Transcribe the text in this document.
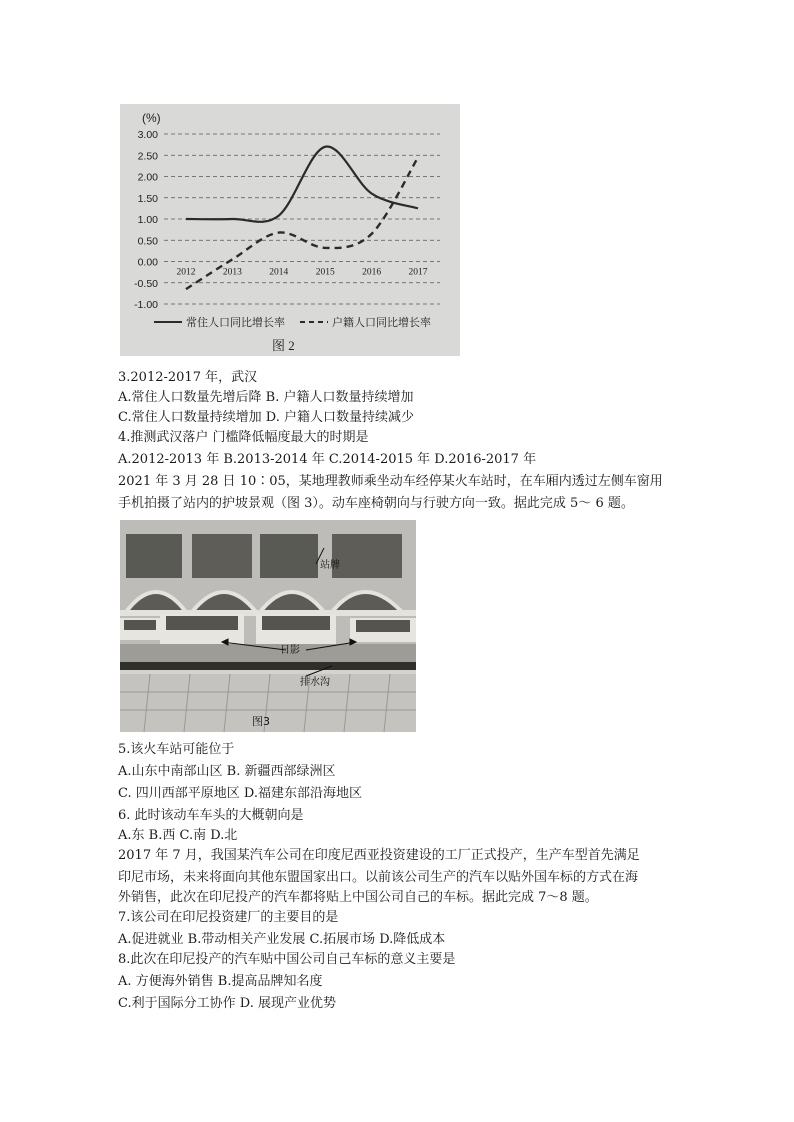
(%)
3.00
2.50
2.00
1.50
1.00
0.50
0.00
-0.50
-1.00
2012	2013	2014	2015	2016	2017
常住人口同比增长率	户籍人口同比增长率
图 2
3.2012-2017 年，武汉
A.常住人口数量先增后降 B. 户籍人口数量持续增加
C.常住人口数量持续增加 D. 户籍人口数量持续减少
4.推测武汉落户 门槛降低幅度最大的时期是
A.2012-2013 年 B.2013-2014 年 C.2014-2015 年 D.2016-2017 年
2021 年 3 月 28 日 10∶05，某地理教师乘坐动车经停某火车站时，在车厢内透过左侧车窗用
手机拍摄了站内的护坡景观（图 3）。动车座椅朝向与行驶方向一致。据此完成 5～ 6 题。
站牌
日影
排水沟
图3
5.该火车站可能位于
A.山东中南部山区 B. 新疆西部绿洲区
C. 四川西部平原地区 D.福建东部沿海地区
6. 此时该动车车头的大概朝向是
A.东 B.西 C.南 D.北
2017 年 7 月，我国某汽车公司在印度尼西亚投资建设的工厂正式投产，生产车型首先满足
印尼市场，未来将面向其他东盟国家出口。以前该公司生产的汽车以贴外国车标的方式在海
外销售，此次在印尼投产的汽车都将贴上中国公司自己的车标。据此完成 7～8 题。
7.该公司在印尼投资建厂的主要目的是
A.促进就业 B.带动相关产业发展 C.拓展市场 D.降低成本
8.此次在印尼投产的汽车贴中国公司自己车标的意义主要是
A. 方便海外销售 B.提高品牌知名度
C.利于国际分工协作 D. 展现产业优势
